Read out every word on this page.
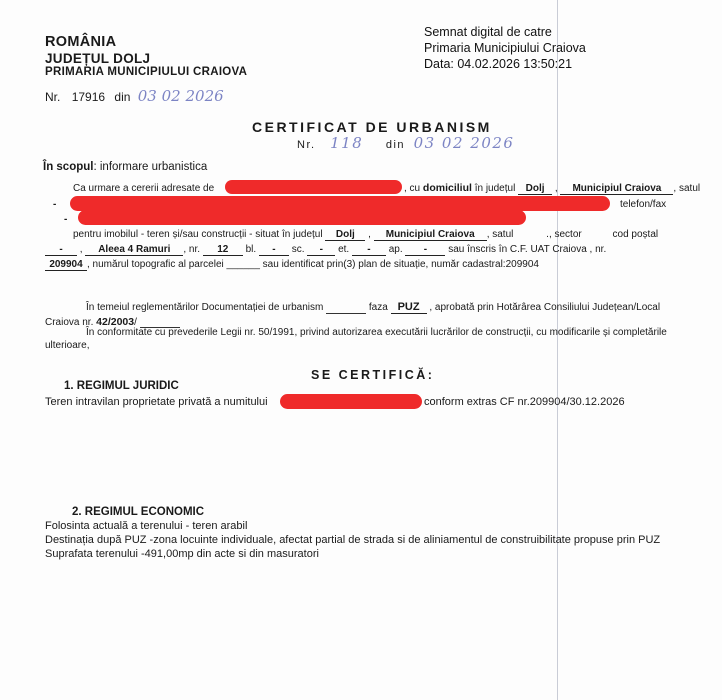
Semnat digital de catre
Primaria Municipiului Craiova
Data: 04.02.2026 13:50:21
ROMÂNIA
JUDEȚUL DOLJ
PRIMARIA MUNICIPIULUI CRAIOVA
Nr. 17916 din 03 02 2026
CERTIFICAT DE URBANISM
Nr. 118 din 03 02 2026
În scopul: informare urbanistica
Ca urmare a cererii adresate de	, cu domiciliul în județul Dolj , Municipiul Craiova , satul
-	telefon/fax
-
pentru imobilul - teren și/sau construcții - situat în județul Dolj , Municipiul Craiova , satul	., sector	cod poștal
- , Aleea 4 Ramuri , nr. 12 bl. - sc. - et. - ap. - sau înscris în C.F. UAT Craiova , nr.
209904 , numărul topografic al parcelei ______ sau identificat prin(3) plan de situație, număr cadastral:209904
În temeiul reglementărilor Documentației de urbanism	faza PUZ , aprobată prin Hotărârea Consiliului Județean/Local
Craiova nr. 42/2003/
În conformitate cu prevederile Legii nr. 50/1991, privind autorizarea executării lucrărilor de construcții, cu modificarile și completările
ulterioare,
SE CERTIFICĂ:
1. REGIMUL JURIDIC
Teren intravilan proprietate privată a numitului	conform extras CF nr.209904/30.12.2026
2. REGIMUL ECONOMIC
Folosinta actuală a terenului - teren arabil
Destinația după PUZ -zona locuinte individuale, afectat partial de strada si de aliniamentul de construibilitate propuse prin PUZ
Suprafata terenului -491,00mp din acte si din masuratori
